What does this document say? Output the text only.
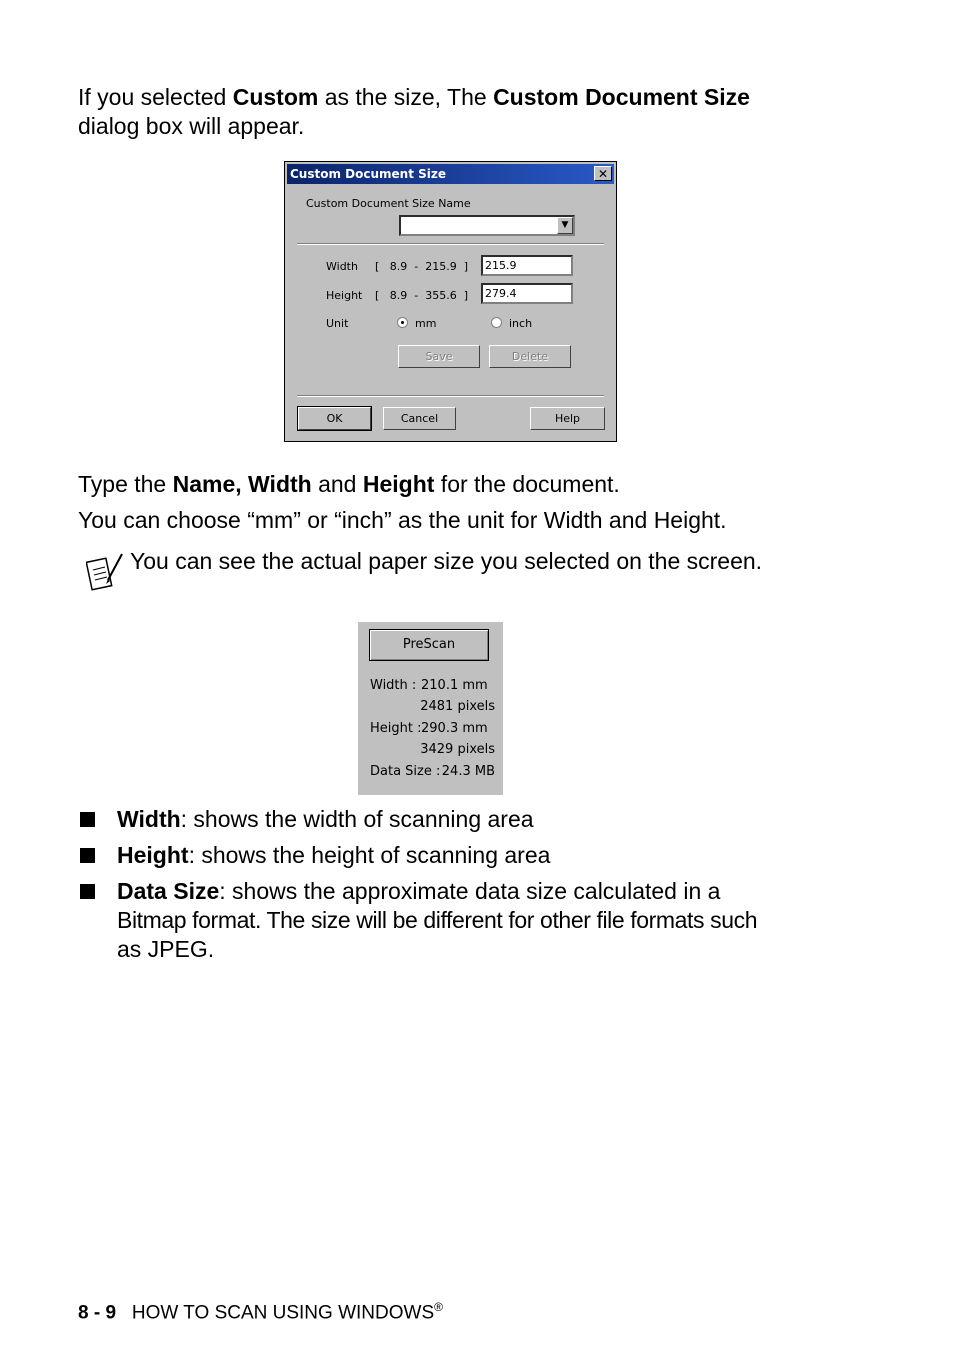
If you selected Custom as the size, The Custom Document Size
dialog box will appear.
Custom Document Size	✕
Custom Document Size Name
▼
Width [   8.9  -  215.9  ] 215.9
Height [   8.9  -  355.6  ] 279.4
Unit	mm	inch
Save	Delete
OK	Cancel	Help
Type the Name, Width and Height for the document.
You can choose “mm” or “inch” as the unit for Width and Height.
You can see the actual paper size you selected on the screen.
PreScan
Width : 210.1 mm
2481 pixels
Height : 290.3 mm
3429 pixels
Data Size : 24.3 MB
Width: shows the width of scanning area
Height: shows the height of scanning area
Data Size: shows the approximate data size calculated in a
Bitmap format. The size will be different for other file formats such
as JPEG.
8 - 9 HOW TO SCAN USING WINDOWS®
